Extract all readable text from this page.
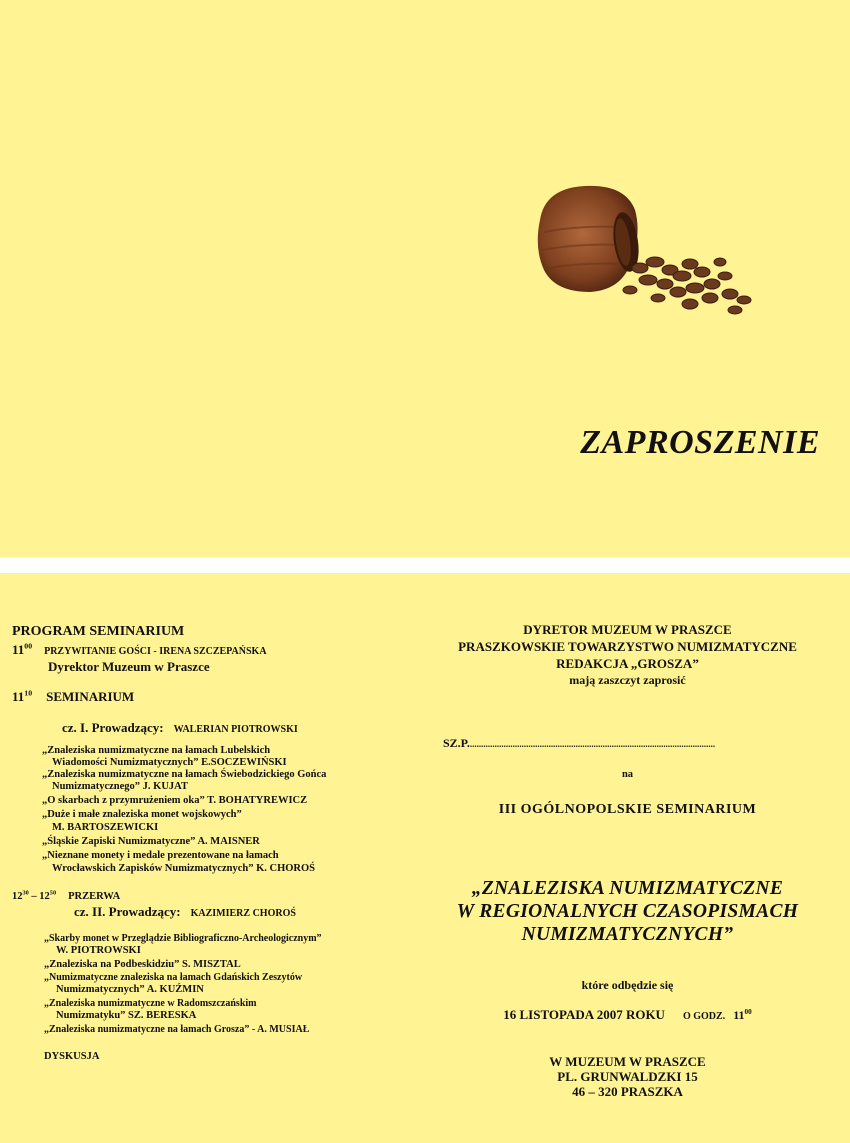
ZAPROSZENIE
PROGRAM SEMINARIUM
$11^{00}$ PRZYWITANIE GOŚCI - IRENA SZCZEPAŃSKA
Dyrektor Muzeum w Praszce
$11^{10}$ SEMINARIUM
cz. I. Prowadzący: WALERIAN PIOTROWSKI
„Znaleziska numizmatyczne na łamach Lubelskich
Wiadomości Numizmatycznych” E.SOCZEWIŃSKI
„Znaleziska numizmatyczne na łamach Świebodzickiego Gońca
Numizmatycznego” J. KUJAT
„O skarbach z przymrużeniem oka” T. BOHATYREWICZ
„Duże i małe znaleziska monet wojskowych”
M. BARTOSZEWICKI
„Śląskie Zapiski Numizmatyczne” A. MAISNER
„Nieznane monety i medale prezentowane na łamach
Wrocławskich Zapisków Numizmatycznych” K. CHOROŚ
$12^{30} - 12^{50}$ PRZERWA
cz. II. Prowadzący: KAZIMIERZ CHOROŚ
„Skarby monet w Przeglądzie Bibliograficzno-Archeologicznym”
W. PIOTROWSKI
„Znaleziska na Podbeskidziu” S. MISZTAL
„Numizmatyczne znaleziska na łamach Gdańskich Zeszytów
Numizmatycznych” A. KUŹMIN
„Znaleziska numizmatyczne w Radomszczańskim
Numizmatyku” SZ. BERESKA
„Znaleziska numizmatyczne na łamach Grosza” - A. MUSIAŁ
DYSKUSJA
DYRETOR MUZEUM W PRASZCE
PRASZKOWSKIE TOWARZYSTWO NUMIZMATYCZNE
REDAKCJA „GROSZA”
mają zaszczyt zaprosić
SZ.P..............................................................................................................
na
III OGÓLNOPOLSKIE SEMINARIUM
„ZNALEZISKA NUMIZMATYCZNE
W REGIONALNYCH CZASOPISMACH
NUMIZMATYCZNYCH”
które odbędzie się
16 LISTOPADA 2007 ROKU O GODZ. $11^{00}$
W MUZEUM W PRASZCE
PL. GRUNWALDZKI 15
46 – 320 PRASZKA
